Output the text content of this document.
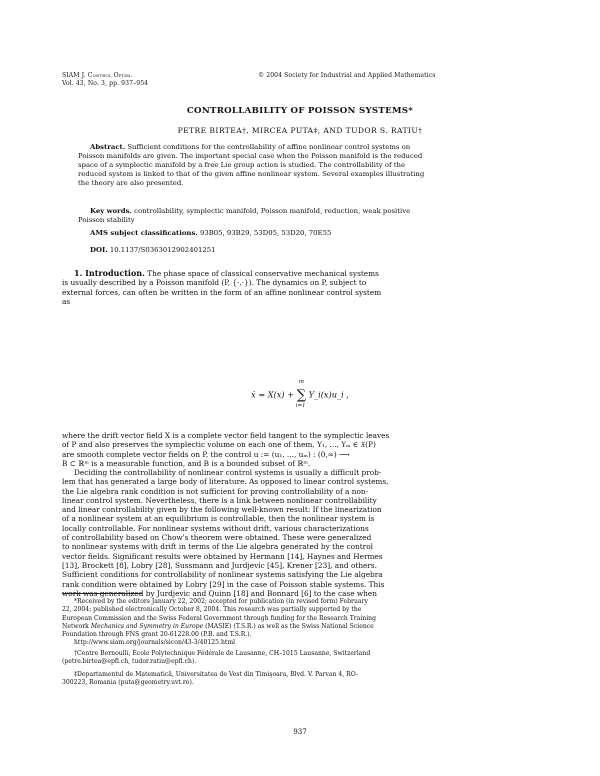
SIAM J. Control Optim.
Vol. 43, No. 3, pp. 937–954
© 2004 Society for Industrial and Applied Mathematics
CONTROLLABILITY OF POISSON SYSTEMS*
PETRE BIRTEA†, MIRCEA PUTA‡, AND TUDOR S. RATIU†
Abstract. Sufficient conditions for the controllability of affine nonlinear control systems on
Poisson manifolds are given. The important special case when the Poisson manifold is the reduced
space of a symplectic manifold by a free Lie group action is studied. The controllability of the
reduced system is linked to that of the given affine nonlinear system. Several examples illustrating
the theory are also presented.
Key words. controllability, symplectic manifold, Poisson manifold, reduction, weak positive
Poisson stability
AMS subject classifications. 93B05, 93B29, 53D05, 53D20, 70E55
DOI. 10.1137/S0363012902401251
1. Introduction. The phase space of classical conservative mechanical systems
is usually described by a Poisson manifold (P, {·,·}). The dynamics on P, subject to
external forces, can often be written in the form of an affine nonlinear control system
as
ẋ = X(x) + ∑
m
i=1
Y_i(x)u_i ,
where the drift vector field X is a complete vector field tangent to the symplectic leaves
of P and also preserves the symplectic volume on each one of them, Y₁, ..., Yₘ ∈ 𝔛(P)
are smooth complete vector fields on P, the control u := (u₁, ..., uₘ) : (0,∞) ⟶
B ⊂ ℝᵐ is a measurable function, and B is a bounded subset of ℝᵐ.
Deciding the controllability of nonlinear control systems is usually a difficult prob-
lem that has generated a large body of literature. As opposed to linear control systems,
the Lie algebra rank condition is not sufficient for proving controllability of a non-
linear control system. Nevertheless, there is a link between nonlinear controllability
and linear controllability given by the following well-known result: If the linearization
of a nonlinear system at an equilibrium is controllable, then the nonlinear system is
locally controllable. For nonlinear systems without drift, various characterizations
of controllability based on Chow's theorem were obtained. These were generalized
to nonlinear systems with drift in terms of the Lie algebra generated by the control
vector fields. Significant results were obtained by Hermann [14], Haynes and Hermes
[13], Brockett [8], Lobry [28], Sussmann and Jurdjevic [45], Krener [23], and others.
Sufficient conditions for controllability of nonlinear systems satisfying the Lie algebra
rank condition were obtained by Lobry [29] in the case of Poisson stable systems. This
work was generalized by Jurdjevic and Quinn [18] and Bonnard [6] to the case when
*Received by the editors January 22, 2002; accepted for publication (in revised form) February
22, 2004; published electronically October 8, 2004. This research was partially supported by the
European Commission and the Swiss Federal Government through funding for the Research Training
Network Mechanics and Symmetry in Europe (MASIE) (T.S.R.) as well as the Swiss National Science
Foundation through FNS grant 20-61228.00 (P.B. and T.S.R.).
http://www.siam.org/journals/sicon/43-3/40125.html
†Centre Bernoulli, École Polytechnique Fédérale de Lausanne, CH–1015 Lausanne, Switzerland
(petre.birtea@epfl.ch, tudor.ratiu@epfl.ch).
‡Departamentul de Matematică, Universitatea de Vest din Timişoara, Blvd. V. Parvan 4, RO-
300223, Romania (puta@geometry.uvt.ro).
937
